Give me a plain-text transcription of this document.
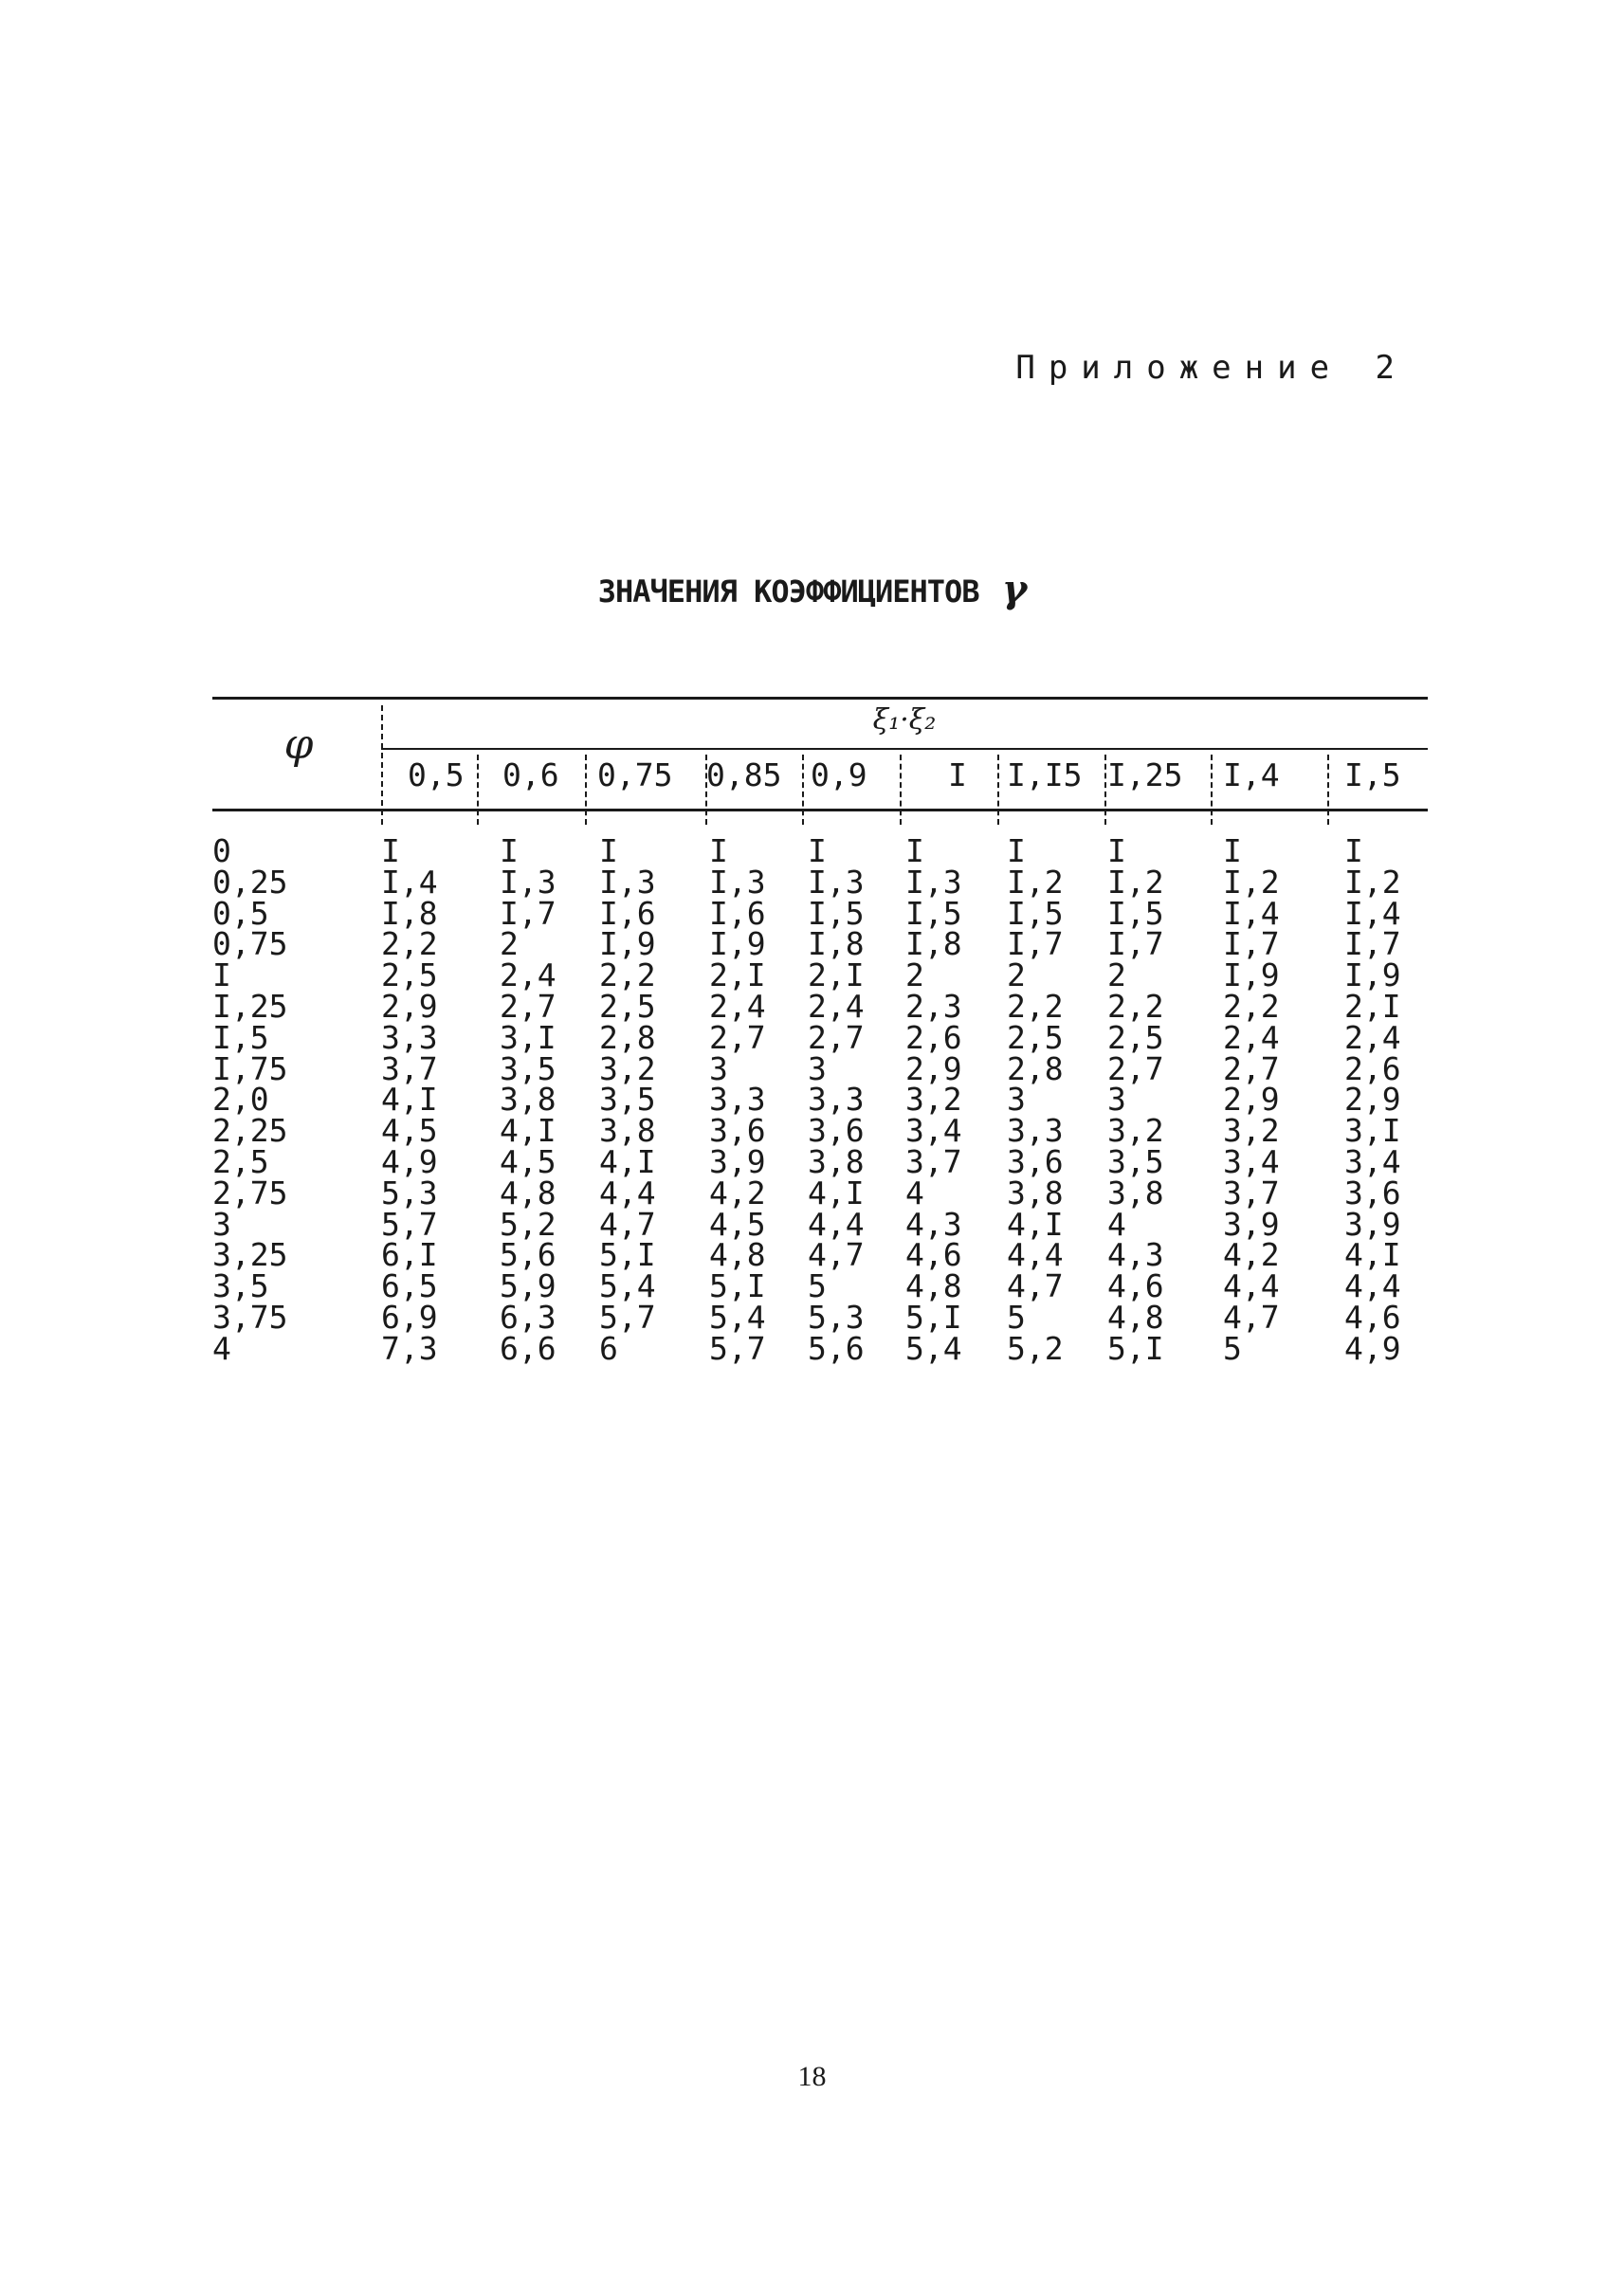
Приложение 2
ЗНАЧЕНИЯ КОЭФФИЦИЕНТОВ γ
φ
ξ₁·ξ₂
0,5 0,6 0,75 0,85 0,9	I I,I5 I,25 I,4 I,5
0
0,25
0,5
0,75
I
I,25
I,5
I,75
2,0
2,25
2,5
2,75
3
3,25
3,5
3,75
4
I
I,4
I,8
2,2
2,5
2,9
3,3
3,7
4,I
4,5
4,9
5,3
5,7
6,I
6,5
6,9
7,3
I
I,3
I,7
2
2,4
2,7
3,I
3,5
3,8
4,I
4,5
4,8
5,2
5,6
5,9
6,3
6,6
I
I,3
I,6
I,9
2,2
2,5
2,8
3,2
3,5
3,8
4,I
4,4
4,7
5,I
5,4
5,7
6
I
I,3
I,6
I,9
2,I
2,4
2,7
3
3,3
3,6
3,9
4,2
4,5
4,8
5,I
5,4
5,7
I
I,3
I,5
I,8
2,I
2,4
2,7
3
3,3
3,6
3,8
4,I
4,4
4,7
5
5,3
5,6
I
I,3
I,5
I,8
2
2,3
2,6
2,9
3,2
3,4
3,7
4
4,3
4,6
4,8
5,I
5,4
I
I,2
I,5
I,7
2
2,2
2,5
2,8
3
3,3
3,6
3,8
4,I
4,4
4,7
5
5,2
I
I,2
I,5
I,7
2
2,2
2,5
2,7
3
3,2
3,5
3,8
4
4,3
4,6
4,8
5,I
I
I,2
I,4
I,7
I,9
2,2
2,4
2,7
2,9
3,2
3,4
3,7
3,9
4,2
4,4
4,7
5
I
I,2
I,4
I,7
I,9
2,I
2,4
2,6
2,9
3,I
3,4
3,6
3,9
4,I
4,4
4,6
4,9
18
